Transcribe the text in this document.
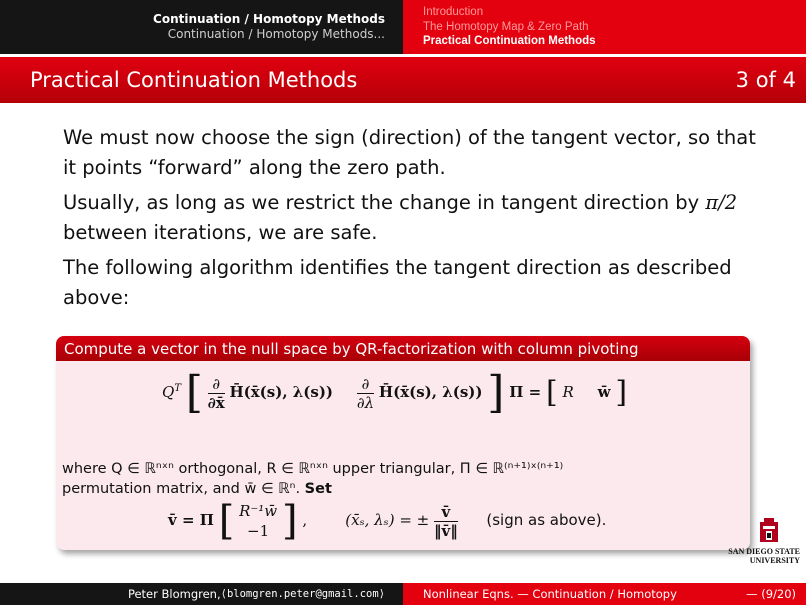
Continuation / Homotopy Methods
Continuation / Homotopy Methods...
Introduction
The Homotopy Map & Zero Path
Practical Continuation Methods
Practical Continuation Methods	3 of 4

We must now choose the sign (direction) of the tangent vector, so that it points “forward” along the zero path.

Usually, as long as we restrict the change in tangent direction by π/2 between iterations, we are safe.

The following algorithm identifies the tangent direction as described above:

Compute a vector in the null space by QR-factorization with column pivoting
$Q^T$ [ $\frac{\partial}{\partial x̄}$ H̄(x̄(s), $\lambda(s)) \frac{\partial}{\partial\lambda}$ H̄(x̄(s), λ(s)) ] Π = [ R w̄ ]
where Q ∈ ℝⁿˣⁿ orthogonal, R ∈ ℝⁿˣⁿ upper triangular, Π ∈ ℝ⁽ⁿ⁺¹⁾ˣ⁽ⁿ⁺¹⁾
permutation matrix, and w̄ ∈ ℝⁿ. Set
v̄ = Π [ R⁻¹w̄
−1 ] ,	(x̄ₛ, λₛ) = ± $\frac{v̄}{‖v̄‖}$ (sign as above).
SAN DIEGO STATE
UNIVERSITY
Peter Blomgren, ⟨blomgren.peter@gmail.com⟩	Nonlinear Eqns. — Continuation / Homotopy	— (9/20)
